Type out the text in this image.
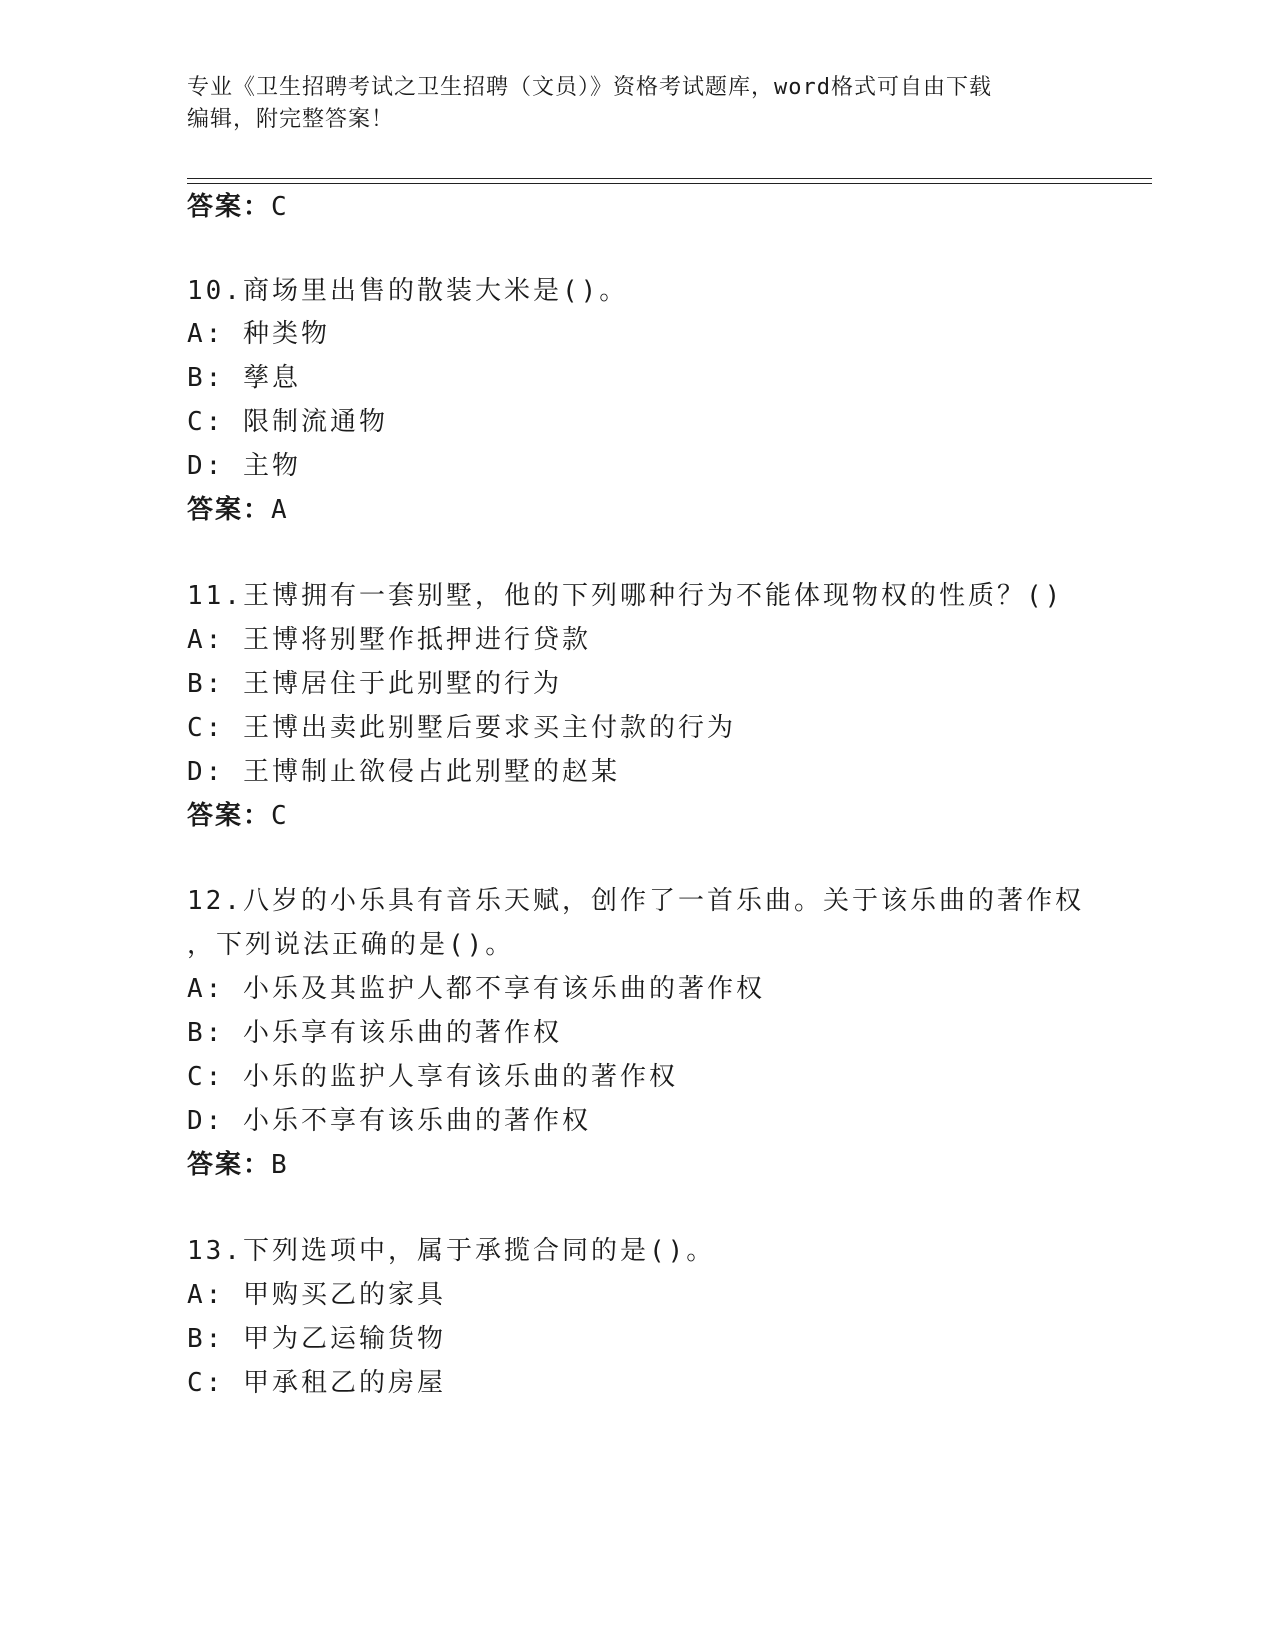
专业《卫生招聘考试之卫生招聘（文员）》资格考试题库，word格式可自由下载
编辑，附完整答案！
答案：C
10.商场里出售的散装大米是()。
A: 种类物
B: 孳息
C: 限制流通物
D: 主物
答案：A
11.王博拥有一套别墅，他的下列哪种行为不能体现物权的性质？()
A: 王博将别墅作抵押进行贷款
B: 王博居住于此别墅的行为
C: 王博出卖此别墅后要求买主付款的行为
D: 王博制止欲侵占此别墅的赵某
答案：C
12.八岁的小乐具有音乐天赋，创作了一首乐曲。关于该乐曲的著作权
，下列说法正确的是()。
A: 小乐及其监护人都不享有该乐曲的著作权
B: 小乐享有该乐曲的著作权
C: 小乐的监护人享有该乐曲的著作权
D: 小乐不享有该乐曲的著作权
答案：B
13.下列选项中，属于承揽合同的是()。
A: 甲购买乙的家具
B: 甲为乙运输货物
C: 甲承租乙的房屋
